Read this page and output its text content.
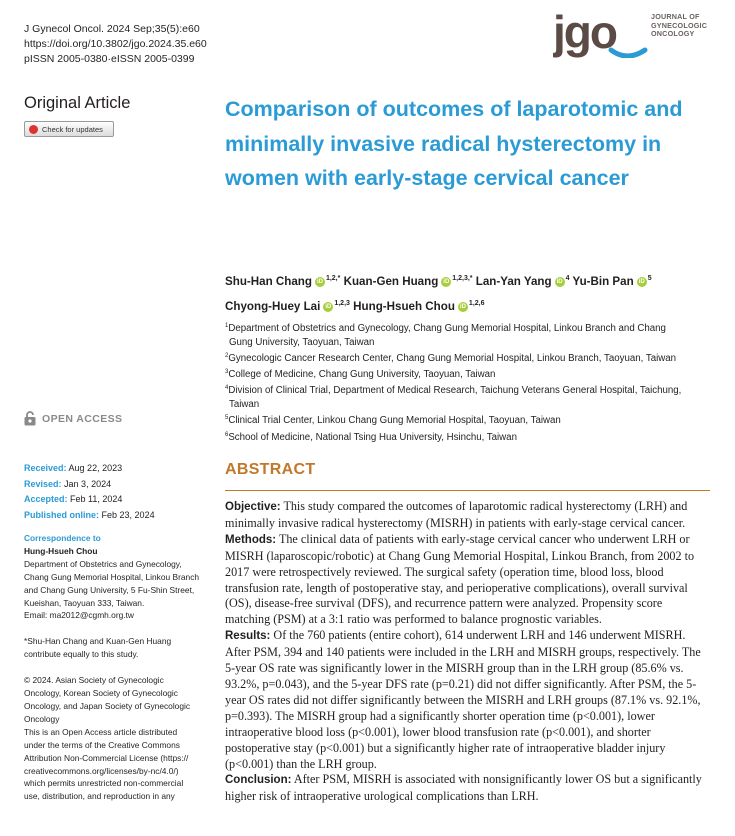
J Gynecol Oncol. 2024 Sep;35(5):e60
https://doi.org/10.3802/jgo.2024.35.e60
pISSN 2005-0380·eISSN 2005-0399
jgo	JOURNAL OF
GYNECOLOGIC
ONCOLOGY
Original Article
Check for updates
OPEN ACCESS
Received: Aug 22, 2023
Revised: Jan 3, 2024
Accepted: Feb 11, 2024
Published online: Feb 23, 2024
Correspondence to
Hung-Hsueh Chou
Department of Obstetrics and Gynecology,
Chang Gung Memorial Hospital, Linkou Branch
and Chang Gung University, 5 Fu-Shin Street,
Kueishan, Taoyuan 333, Taiwan.
Email: ma2012@cgmh.org.tw
*Shu-Han Chang and Kuan-Gen Huang
contribute equally to this study.
© 2024. Asian Society of Gynecologic
Oncology, Korean Society of Gynecologic
Oncology, and Japan Society of Gynecologic
Oncology
This is an Open Access article distributed
under the terms of the Creative Commons
Attribution Non-Commercial License (https://
creativecommons.org/licenses/by-nc/4.0/)
which permits unrestricted non-commercial
use, distribution, and reproduction in any
Comparison of outcomes of laparotomic and minimally invasive radical hysterectomy in women with early-stage cervical cancer
Shu-Han Chang iD $^{1,2,*}$ Kuan-Gen Huang iD $^{1,2,3,*}$ Lan-Yan Yang iD $^4$ Yu-Bin Pan iD $^5$
Chyong-Huey Lai iD $^{1,2,3}$ Hung-Hsueh Chou iD $^{1,2,6}$
$^1$Department of Obstetrics and Gynecology, Chang Gung Memorial Hospital, Linkou Branch and Chang
Gung University, Taoyuan, Taiwan
$^2$Gynecologic Cancer Research Center, Chang Gung Memorial Hospital, Linkou Branch, Taoyuan, Taiwan
$^3$College of Medicine, Chang Gung University, Taoyuan, Taiwan
$^4$Division of Clinical Trial, Department of Medical Research, Taichung Veterans General Hospital, Taichung,
Taiwan
$^5$Clinical Trial Center, Linkou Chang Gung Memorial Hospital, Taoyuan, Taiwan
$^6$School of Medicine, National Tsing Hua University, Hsinchu, Taiwan
ABSTRACT

Objective: This study compared the outcomes of laparotomic radical hysterectomy (LRH) and minimally invasive radical hysterectomy (MISRH) in patients with early-stage cervical cancer.

Methods: The clinical data of patients with early-stage cervical cancer who underwent LRH or MISRH (laparoscopic/robotic) at Chang Gung Memorial Hospital, Linkou Branch, from 2002 to 2017 were retrospectively reviewed. The surgical safety (operation time, blood loss, blood transfusion rate, length of postoperative stay, and perioperative complications), overall survival (OS), disease-free survival (DFS), and recurrence pattern were analyzed. Propensity score matching (PSM) at a 3:1 ratio was performed to balance prognostic variables.

Results: Of the 760 patients (entire cohort), 614 underwent LRH and 146 underwent MISRH. After PSM, 394 and 140 patients were included in the LRH and MISRH groups, respectively. The 5-year OS rate was significantly lower in the MISRH group than in the LRH group (85.6% vs. 93.2%, p=0.043), and the 5-year DFS rate (p=0.21) did not differ significantly. After PSM, the 5-year OS rates did not differ significantly between the MISRH and LRH groups (87.1% vs. 92.1%, p=0.393). The MISRH group had a significantly shorter operation time (p<0.001), lower intraoperative blood loss (p<0.001), lower blood transfusion rate (p<0.001), and shorter postoperative stay (p<0.001) but a significantly higher rate of intraoperative bladder injury (p<0.001) than the LRH group.

Conclusion: After PSM, MISRH is associated with nonsignificantly lower OS but a significantly higher risk of intraoperative urological complications than LRH.
